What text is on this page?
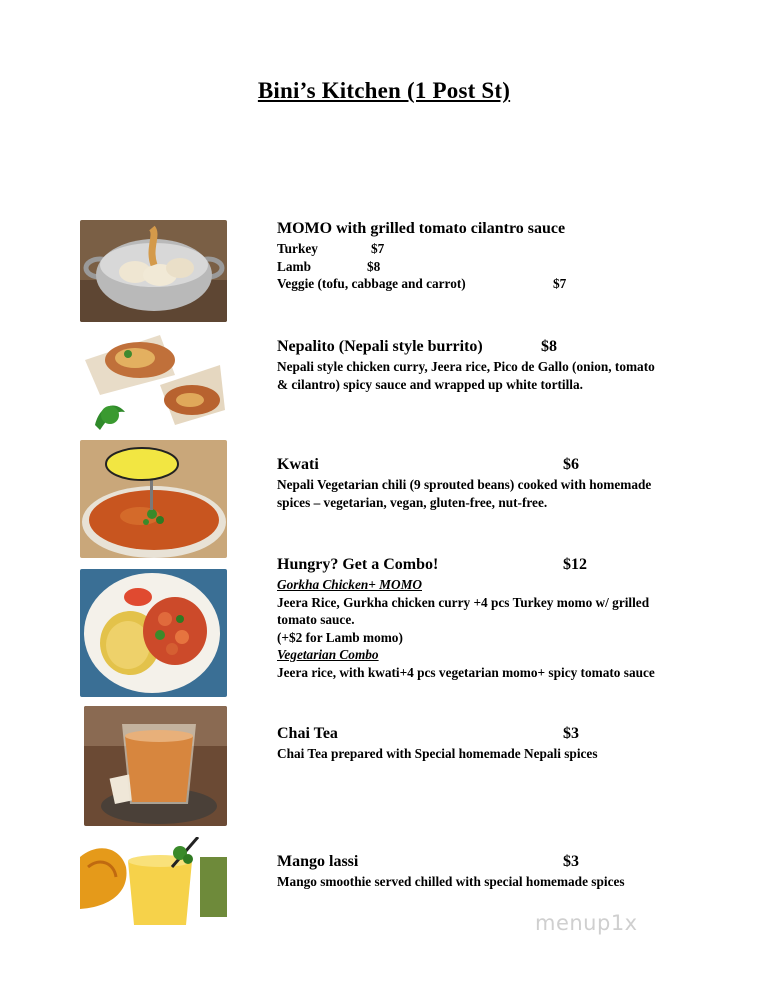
Bini’s Kitchen (1 Post St)
MOMO with grilled tomato cilantro sauce
Turkey	$7
Lamb	$8
Veggie (tofu, cabbage and carrot)	$7
Nepalito (Nepali style burrito)	$8
Nepali style chicken curry, Jeera rice, Pico de Gallo (onion, tomato & cilantro) spicy sauce and wrapped up white tortilla.
Kwati	$6
Nepali Vegetarian chili (9 sprouted beans) cooked with homemade spices – vegetarian, vegan, gluten-free, nut-free.
Hungry? Get a Combo!	$12
Gorkha Chicken+ MOMO
Jeera Rice, Gurkha chicken curry +4 pcs Turkey momo w/ grilled tomato sauce.
(+$2 for Lamb momo)
Vegetarian Combo
Jeera rice, with kwati+4 pcs vegetarian momo+ spicy tomato sauce
Chai Tea	$3
Chai Tea prepared with Special homemade Nepali spices
Mango lassi	$3
Mango smoothie served chilled with special homemade spices
menup1x
